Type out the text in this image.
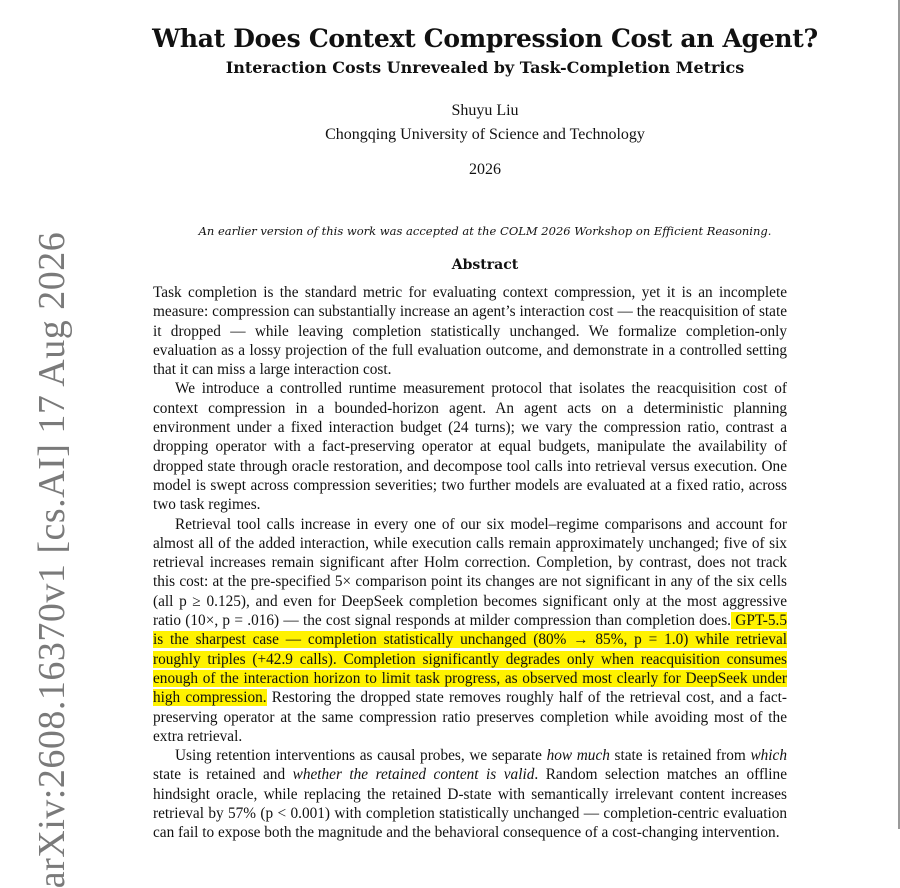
arXiv:2608.16370v1 [cs.AI] 17 Aug 2026
What Does Context Compression Cost an Agent?
Interaction Costs Unrevealed by Task-Completion Metrics
Shuyu Liu
Chongqing University of Science and Technology
2026
An earlier version of this work was accepted at the COLM 2026 Workshop on Efficient Reasoning.
Abstract

Task completion is the standard metric for evaluating context compression, yet it is an incomplete measure: compression can substantially increase an agent’s interaction cost — the reacquisition of state it dropped — while leaving completion statistically unchanged. We formalize completion-only evaluation as a lossy projection of the full evaluation outcome, and demonstrate in a controlled setting that it can miss a large interaction cost.

We introduce a controlled runtime measurement protocol that isolates the reacquisition cost of context compression in a bounded-horizon agent. An agent acts on a deterministic planning environment under a fixed interaction budget (24 turns); we vary the compression ratio, contrast a dropping operator with a fact-preserving operator at equal budgets, manipulate the availability of dropped state through oracle restoration, and decompose tool calls into retrieval versus execution. One model is swept across compression severities; two further models are evaluated at a fixed ratio, across two task regimes.

Retrieval tool calls increase in every one of our six model–regime comparisons and account for almost all of the added interaction, while execution calls remain approximately unchanged; five of six retrieval increases remain significant after Holm correction. Completion, by contrast, does not track this cost: at the pre-specified 5× comparison point its changes are not significant in any of the six cells (all p ≥ 0.125), and even for DeepSeek completion becomes significant only at the most aggressive ratio (10×, p = .016) — the cost signal responds at milder compression than completion does. GPT-5.5 is the sharpest case — completion statistically unchanged (80% → 85%, p = 1.0) while retrieval roughly triples (+42.9 calls). Completion significantly degrades only when reacquisition consumes enough of the interaction horizon to limit task progress, as observed most clearly for DeepSeek under high compression. Restoring the dropped state removes roughly half of the retrieval cost, and a fact-preserving operator at the same compression ratio preserves completion while avoiding most of the extra retrieval.

Using retention interventions as causal probes, we separate how much state is retained from which state is retained and whether the retained content is valid. Random selection matches an offline hindsight oracle, while replacing the retained D-state with semantically irrelevant content increases retrieval by 57% (p < 0.001) with completion statistically unchanged — completion-centric evaluation can fail to expose both the magnitude and the behavioral consequence of a cost-changing intervention.
